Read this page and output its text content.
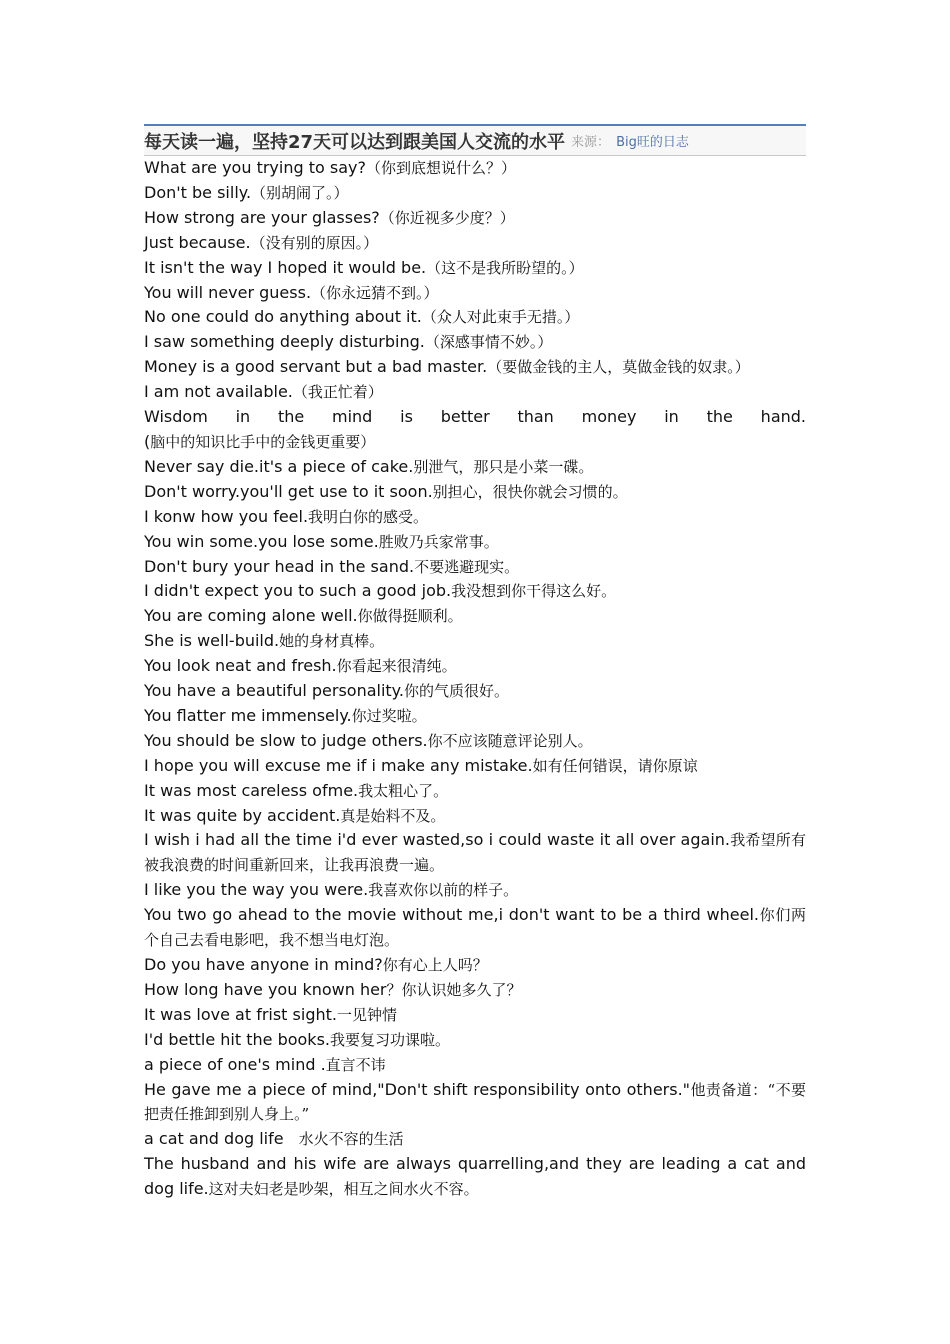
每天读一遍，坚持27天可以达到跟美国人交流的水平 来源： Big旺的日志
What are you trying to say?（你到底想说什么？）
Don't be silly.（别胡闹了。）
How strong are your glasses?（你近视多少度？）
Just because.（没有别的原因。）
It isn't the way I hoped it would be.（这不是我所盼望的。）
You will never guess.（你永远猜不到。）
No one could do anything about it.（众人对此束手无措。）
I saw something deeply disturbing.（深感事情不妙。）
Money is a good servant but a bad master.（要做金钱的主人，莫做金钱的奴隶。）
I am not available.（我正忙着）
Wisdom in the mind is better than money in the hand.(脑中的知识比手中的金钱更重要）
Never say die.it's a piece of cake.别泄气，那只是小菜一碟。
Don't worry.you'll get use to it soon.别担心，很快你就会习惯的。
I konw how you feel.我明白你的感受。
You win some.you lose some.胜败乃兵家常事。
Don't bury your head in the sand.不要逃避现实。
I didn't expect you to such a good job.我没想到你干得这么好。
You are coming alone well.你做得挺顺利。
She is well-build.她的身材真棒。
You look neat and fresh.你看起来很清纯。
You have a beautiful personality.你的气质很好。
You flatter me immensely.你过奖啦。
You should be slow to judge others.你不应该随意评论别人。
I hope you will excuse me if i make any mistake.如有任何错误，请你原谅
It was most careless ofme.我太粗心了。
It was quite by accident.真是始料不及。
I wish i had all the time i'd ever wasted,so i could waste it all over again.我希望所有被我浪费的时间重新回来，让我再浪费一遍。
I like you the way you were.我喜欢你以前的样子。
You two go ahead to the movie without me,i don't want to be a third wheel.你们两个自己去看电影吧，我不想当电灯泡。
Do you have anyone in mind?你有心上人吗？
How long have you known her？你认识她多久了？
It was love at frist sight.一见钟情
I'd bettle hit the books.我要复习功课啦。
a piece of one's mind .直言不讳
He gave me a piece of mind,"Don't shift responsibility onto others."他责备道：“不要把责任推卸到别人身上。”
a cat and dog life　水火不容的生活
The husband and his wife are always quarrelling,and they are leading a cat and dog life.这对夫妇老是吵架，相互之间水火不容。
